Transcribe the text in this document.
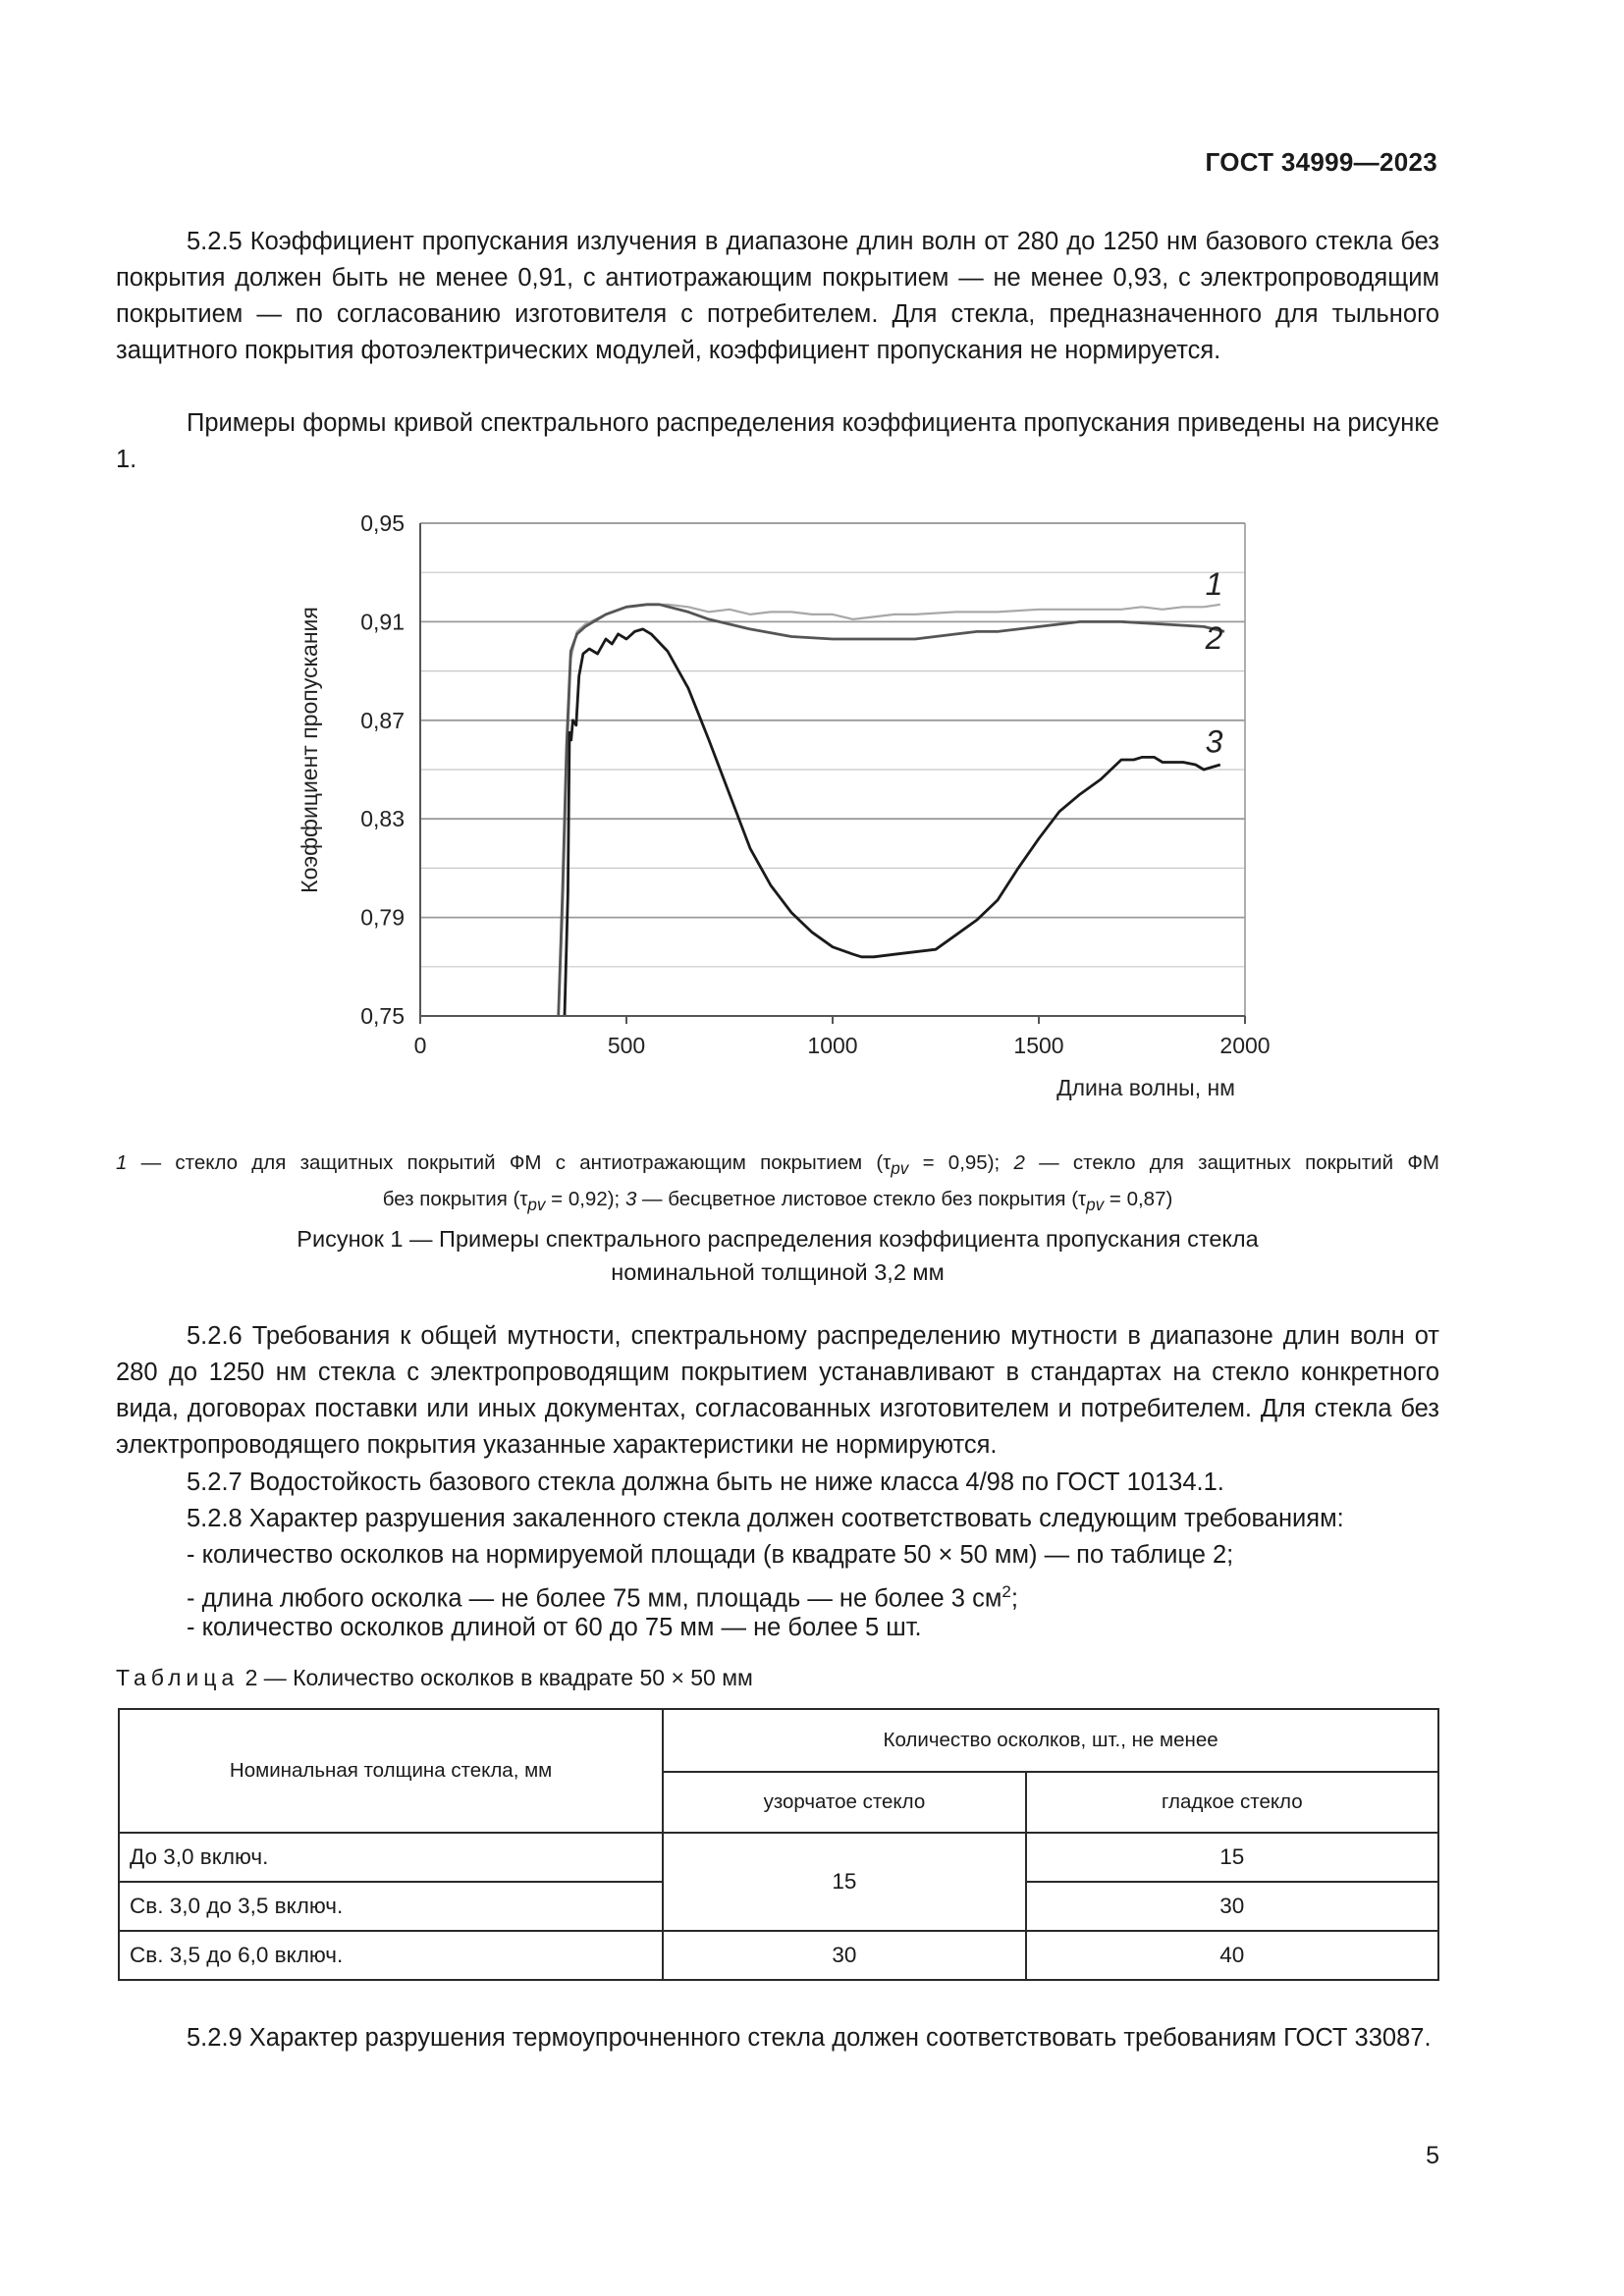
ГОСТ 34999—2023

5.2.5 Коэффициент пропускания излучения в диапазоне длин волн от 280 до 1250 нм базового стекла без покрытия должен быть не менее 0,91, с антиотражающим покрытием — не менее 0,93, с электропроводящим покрытием — по согласованию изготовителя с потребителем. Для стекла, предназначенного для тыльного защитного покрытия фотоэлектрических модулей, коэффициент пропускания не нормируется.

Примеры формы кривой спектрального распределения коэффициента пропускания приведены на рисунке 1.

0	500	1000	1500	2000
0,75
0,79
0,83
0,87
0,91
0,95
Длина волны, нм
Коэффициент пропускания
1
2
3
1 — стекло для защитных покрытий ФМ с антиотражающим покрытием $(\tau_{pv} = 0,95)$; 2 — стекло для защитных покрытий ФМ
без покрытия $(\tau_{pv} = 0,92)$; 3 — бесцветное листовое стекло без покрытия $(\tau_{pv} = 0,87)$
Рисунок 1 — Примеры спектрального распределения коэффициента пропускания стекла номинальной толщиной 3,2 мм

5.2.6 Требования к общей мутности, спектральному распределению мутности в диапазоне длин волн от 280 до 1250 нм стекла с электропроводящим покрытием устанавливают в стандартах на стекло конкретного вида, договорах поставки или иных документах, согласованных изготовителем и потребителем. Для стекла без электропроводящего покрытия указанные характеристики не нормируются.

5.2.7 Водостойкость базового стекла должна быть не ниже класса 4/98 по ГОСТ 10134.1.
5.2.8 Характер разрушения закаленного стекла должен соответствовать следующим требованиям:
- количество осколков на нормируемой площади (в квадрате 50 × 50 мм) — по таблице 2;
- длина любого осколка — не более 75 мм, площадь — не более 3 $см^2$;
- количество осколков длиной от 60 до 75 мм — не более 5 шт.
Таблица 2 — Количество осколков в квадрате 50 × 50 мм
Номинальная толщина стекла, мм	Количество осколков, шт., не менее	
	узорчатое стекло	гладкое стекло
До 3,0 включ.	15	15
Св. 3,0 до 3,5 включ.		30
Св. 3,5 до 6,0 включ.	30	40

5.2.9 Характер разрушения термоупрочненного стекла должен соответствовать требованиям ГОСТ 33087.

5
